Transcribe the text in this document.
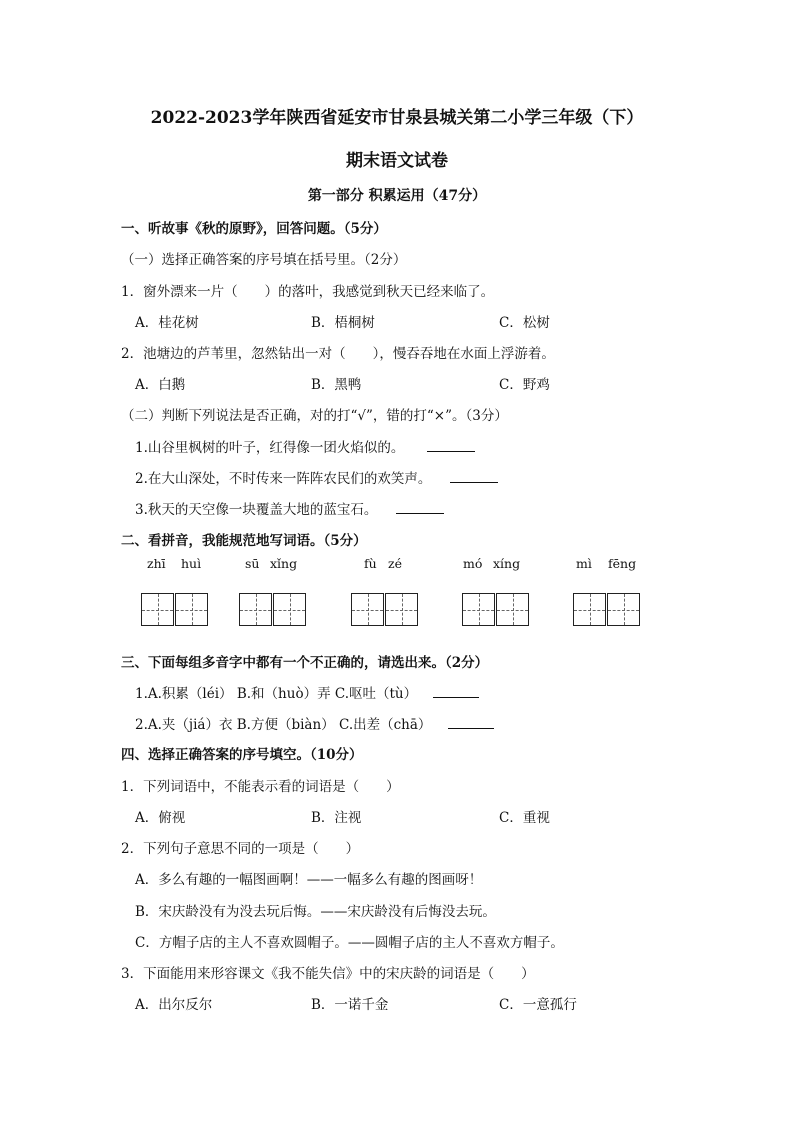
2022-2023学年陕西省延安市甘泉县城关第二小学三年级（下）
期末语文试卷
第一部分 积累运用（47分）
一、听故事《秋的原野》，回答问题。（5分）
（一）选择正确答案的序号填在括号里。（2分）
1．窗外漂来一片（　　）的落叶，我感觉到秋天已经来临了。
A．桂花树	B．梧桐树	C．松树
2．池塘边的芦苇里，忽然钻出一对（　　），慢吞吞地在水面上浮游着。
A．白鹅	B．黑鸭	C．野鸡
（二）判断下列说法是否正确，对的打“√”，错的打“×”。（3分）
1.山谷里枫树的叶子，红得像一团火焰似的。
2.在大山深处，不时传来一阵阵农民们的欢笑声。
3.秋天的天空像一块覆盖大地的蓝宝石。
二、看拼音，我能规范地写词语。（5分）
zhī huì	sū xǐng	fù zé	mó xíng	mì fēng
三、下面每组多音字中都有一个不正确的，请选出来。（2分）
1.A.积累（léi） B.和（huò）弄 C.呕吐（tù）
2.A.夹（jiá）衣 B.方便（biàn） C.出差（chā）
四、选择正确答案的序号填空。（10分）
1．下列词语中，不能表示看的词语是（　　）
A．俯视	B．注视	C．重视
2．下列句子意思不同的一项是（　　）
A．多么有趣的一幅图画啊！——一幅多么有趣的图画呀！
B．宋庆龄没有为没去玩后悔。——宋庆龄没有后悔没去玩。
C．方帽子店的主人不喜欢圆帽子。——圆帽子店的主人不喜欢方帽子。
3．下面能用来形容课文《我不能失信》中的宋庆龄的词语是（　　）
A．出尔反尔	B．一诺千金	C．一意孤行
